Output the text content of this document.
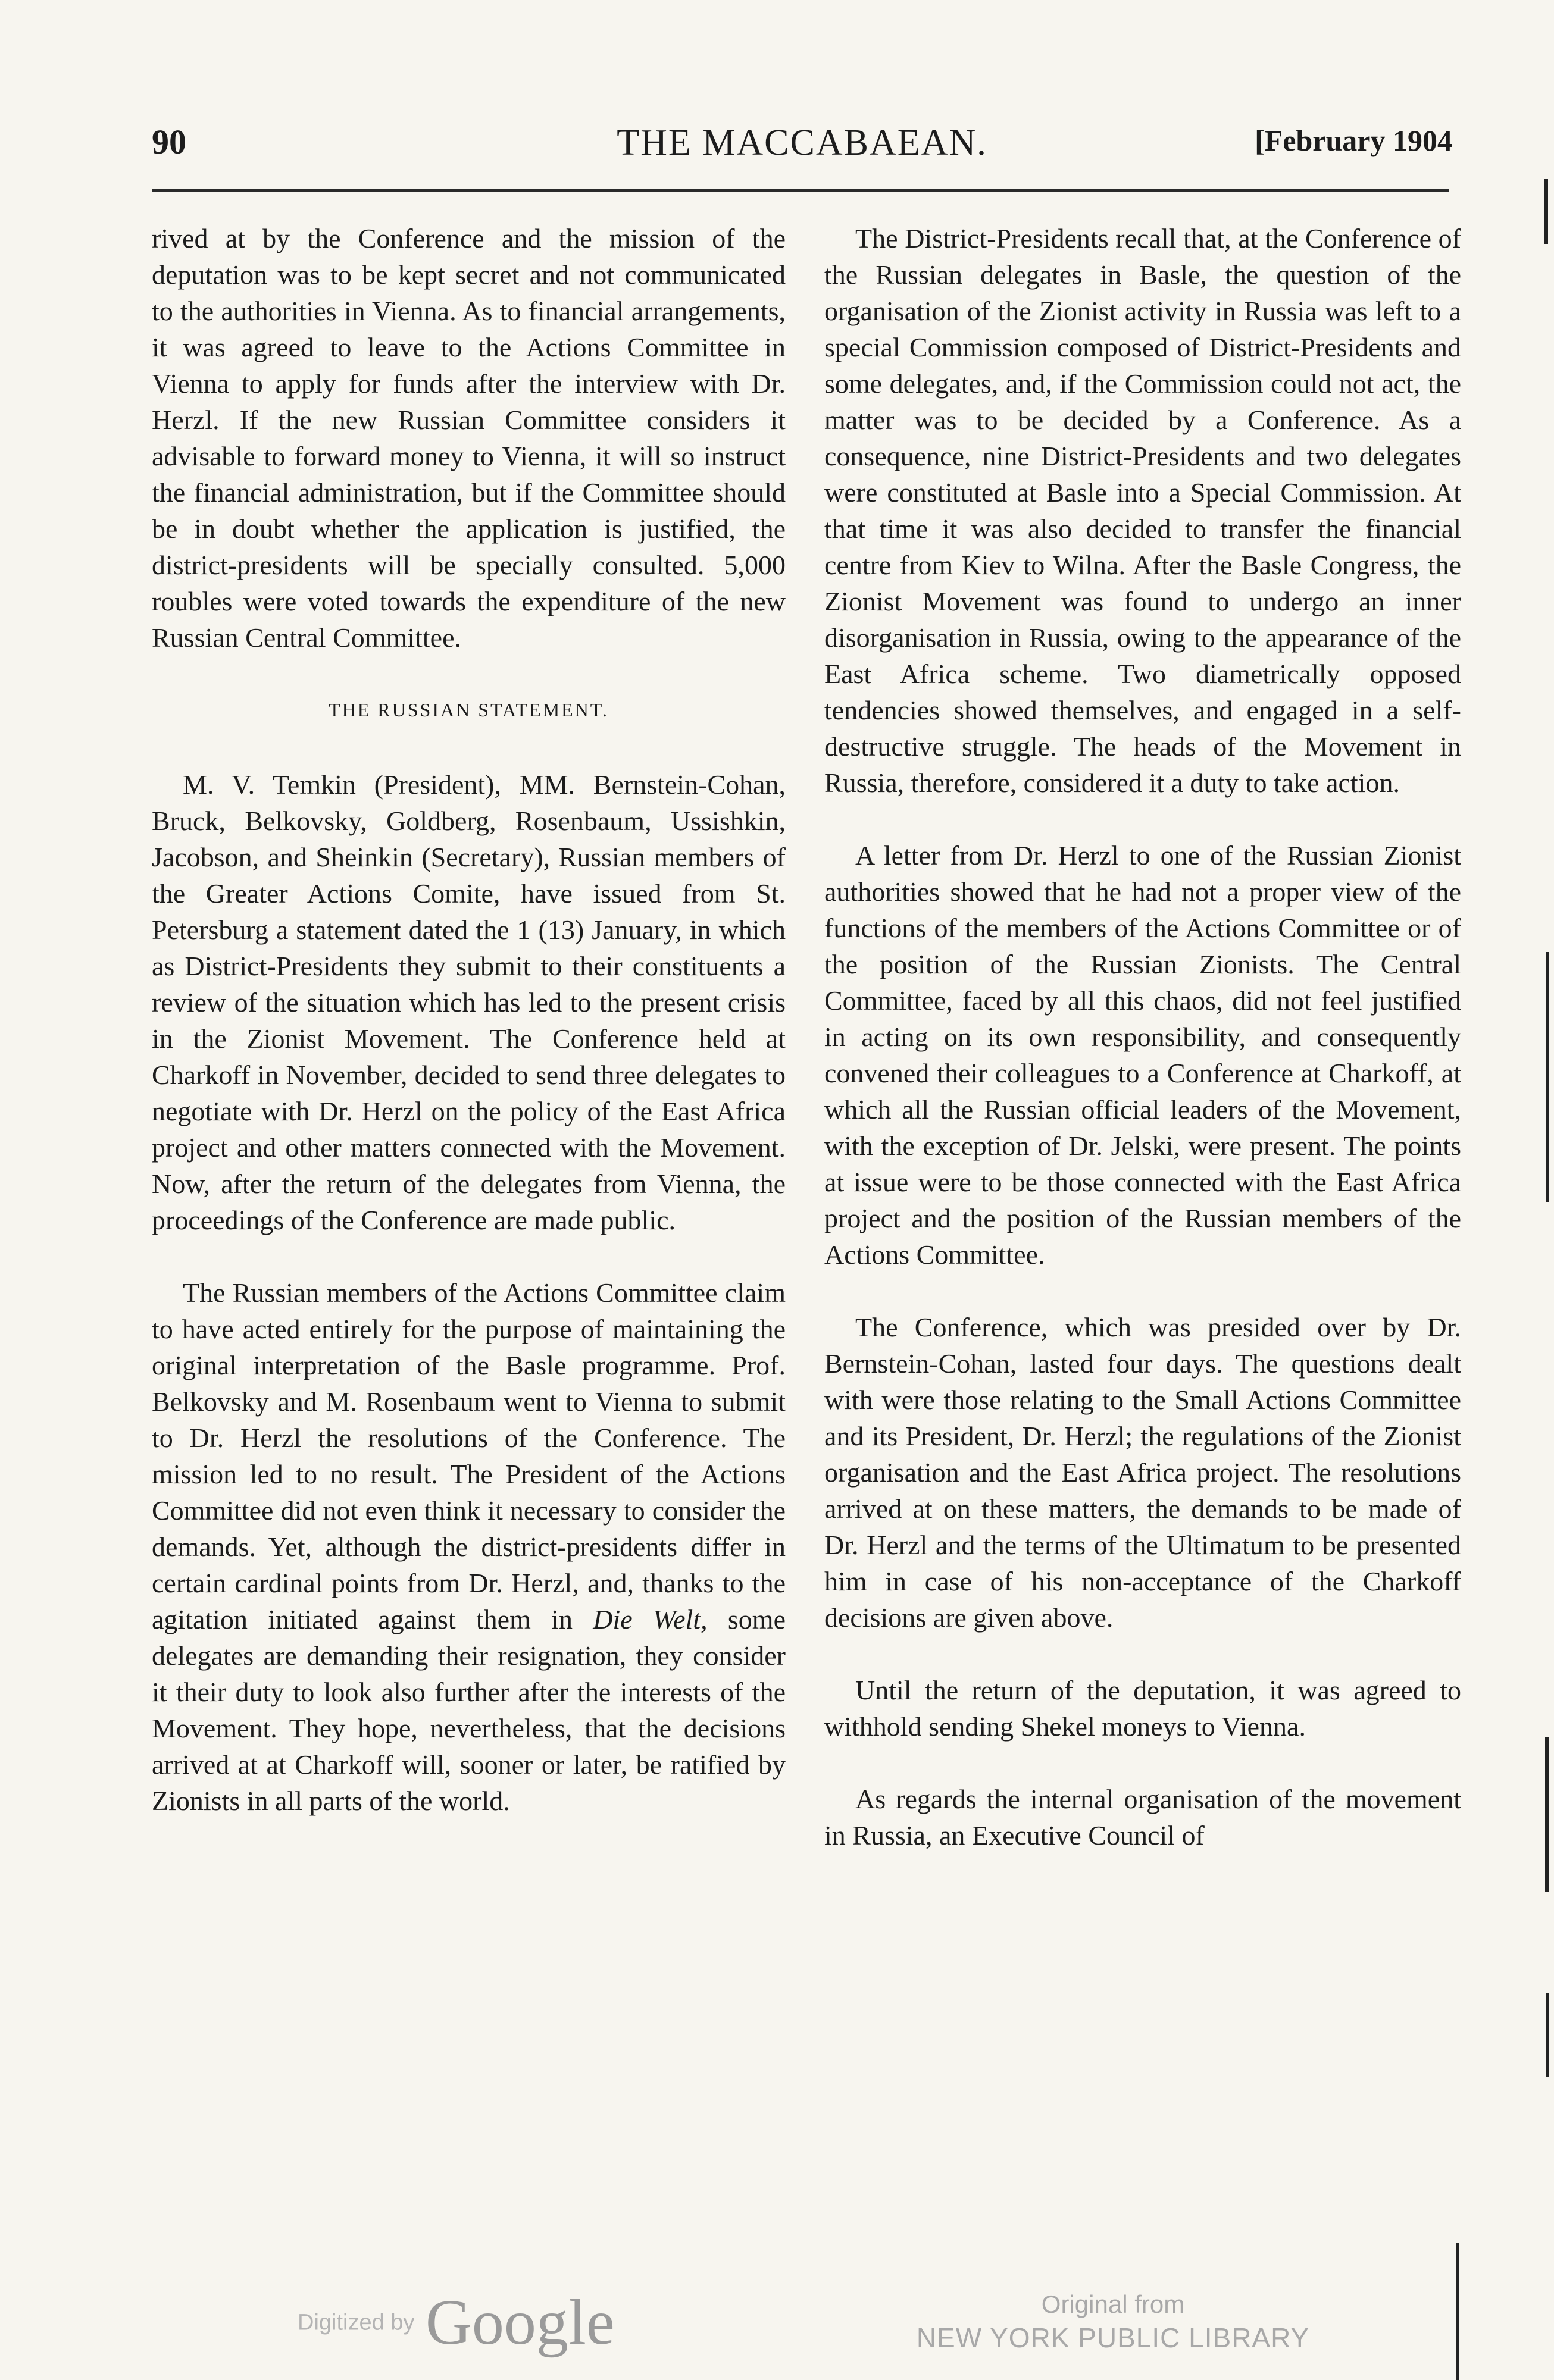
90	THE MACCABAEAN.	[February 1904

rived at by the Conference and the mission of the deputation was to be kept secret and not communicated to the authorities in Vienna. As to financial arrangements, it was agreed to leave to the Actions Committee in Vienna to apply for funds after the interview with Dr. Herzl. If the new Russian Committee considers it advisable to forward money to Vienna, it will so instruct the financial administration, but if the Committee should be in doubt whether the application is justified, the district-presidents will be specially consulted. 5,000 roubles were voted towards the expenditure of the new Russian Central Committee.

THE RUSSIAN STATEMENT.

M. V. Temkin (President), MM. Bernstein-Cohan, Bruck, Belkovsky, Goldberg, Rosenbaum, Ussishkin, Jacobson, and Sheinkin (Secretary), Russian members of the Greater Actions Comite, have issued from St. Petersburg a statement dated the 1 (13) January, in which as District-Presidents they submit to their constituents a review of the situation which has led to the present crisis in the Zionist Movement. The Conference held at Charkoff in November, decided to send three delegates to negotiate with Dr. Herzl on the policy of the East Africa project and other matters connected with the Movement. Now, after the return of the delegates from Vienna, the proceedings of the Conference are made public.

The Russian members of the Actions Committee claim to have acted entirely for the purpose of maintaining the original interpretation of the Basle programme. Prof. Belkovsky and M. Rosenbaum went to Vienna to submit to Dr. Herzl the resolutions of the Conference. The mission led to no result. The President of the Actions Committee did not even think it necessary to consider the demands. Yet, although the district-presidents differ in certain cardinal points from Dr. Herzl, and, thanks to the agitation initiated against them in Die Welt, some delegates are demanding their resignation, they consider it their duty to look also further after the interests of the Movement. They hope, nevertheless, that the decisions arrived at at Charkoff will, sooner or later, be ratified by Zionists in all parts of the world.

The District-Presidents recall that, at the Conference of the Russian delegates in Basle, the question of the organisation of the Zionist activity in Russia was left to a special Commission composed of District-Presidents and some delegates, and, if the Commission could not act, the matter was to be decided by a Conference. As a consequence, nine District-Presidents and two delegates were constituted at Basle into a Special Commission. At that time it was also decided to transfer the financial centre from Kiev to Wilna. After the Basle Congress, the Zionist Movement was found to undergo an inner disorganisation in Russia, owing to the appearance of the East Africa scheme. Two diametrically opposed tendencies showed themselves, and engaged in a self-destructive struggle. The heads of the Movement in Russia, therefore, considered it a duty to take action.

A letter from Dr. Herzl to one of the Russian Zionist authorities showed that he had not a proper view of the functions of the members of the Actions Committee or of the position of the Russian Zionists. The Central Committee, faced by all this chaos, did not feel justified in acting on its own responsibility, and consequently convened their colleagues to a Conference at Charkoff, at which all the Russian official leaders of the Movement, with the exception of Dr. Jelski, were present. The points at issue were to be those connected with the East Africa project and the position of the Russian members of the Actions Committee.

The Conference, which was presided over by Dr. Bernstein-Cohan, lasted four days. The questions dealt with were those relating to the Small Actions Committee and its President, Dr. Herzl; the regulations of the Zionist organisation and the East Africa project. The resolutions arrived at on these matters, the demands to be made of Dr. Herzl and the terms of the Ultimatum to be presented him in case of his non-acceptance of the Charkoff decisions are given above.

Until the return of the deputation, it was agreed to withhold sending Shekel moneys to Vienna.

As regards the internal organisation of the movement in Russia, an Executive Council of

Digitized by Google	Original from
NEW YORK PUBLIC LIBRARY
